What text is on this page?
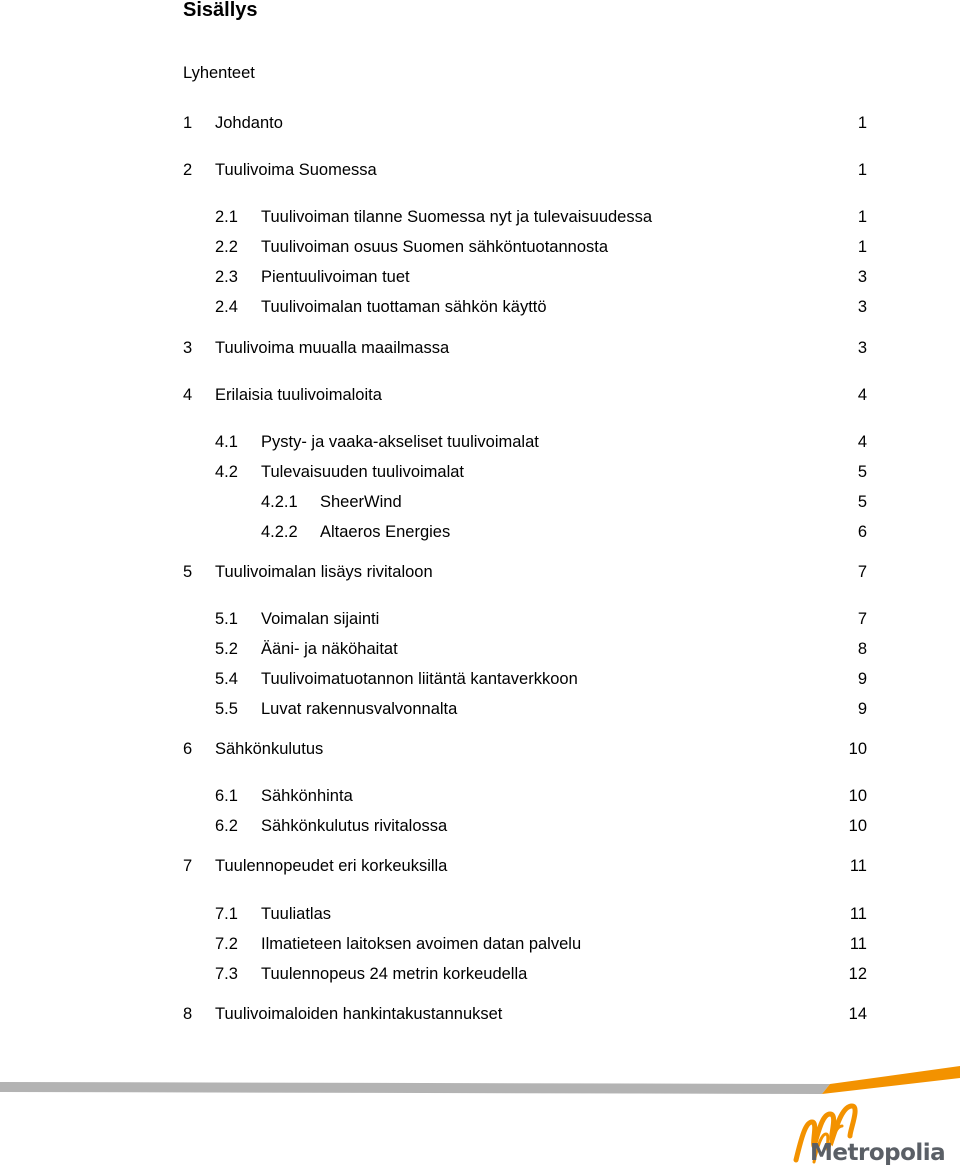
Sisällys
Lyhenteet
1 Johdanto	1
2 Tuulivoima Suomessa	1
2.1 Tuulivoiman tilanne Suomessa nyt ja tulevaisuudessa	1
2.2 Tuulivoiman osuus Suomen sähköntuotannosta	1
2.3 Pientuulivoiman tuet	3
2.4 Tuulivoimalan tuottaman sähkön käyttö	3
3 Tuulivoima muualla maailmassa	3
4 Erilaisia tuulivoimaloita	4
4.1 Pysty- ja vaaka-akseliset tuulivoimalat	4
4.2 Tulevaisuuden tuulivoimalat	5
4.2.1 SheerWind	5
4.2.2 Altaeros Energies	6
5 Tuulivoimalan lisäys rivitaloon	7
5.1 Voimalan sijainti	7
5.2 Ääni- ja näköhaitat	8
5.4 Tuulivoimatuotannon liitäntä kantaverkkoon	9
5.5 Luvat rakennusvalvonnalta	9
6 Sähkönkulutus	10
6.1 Sähkönhinta	10
6.2 Sähkönkulutus rivitalossa	10
7 Tuulennopeudet eri korkeuksilla	11
7.1 Tuuliatlas	11
7.2 Ilmatieteen laitoksen avoimen datan palvelu	11
7.3 Tuulennopeus 24 metrin korkeudella	12
8 Tuulivoimaloiden hankintakustannukset	14
Metropolia
